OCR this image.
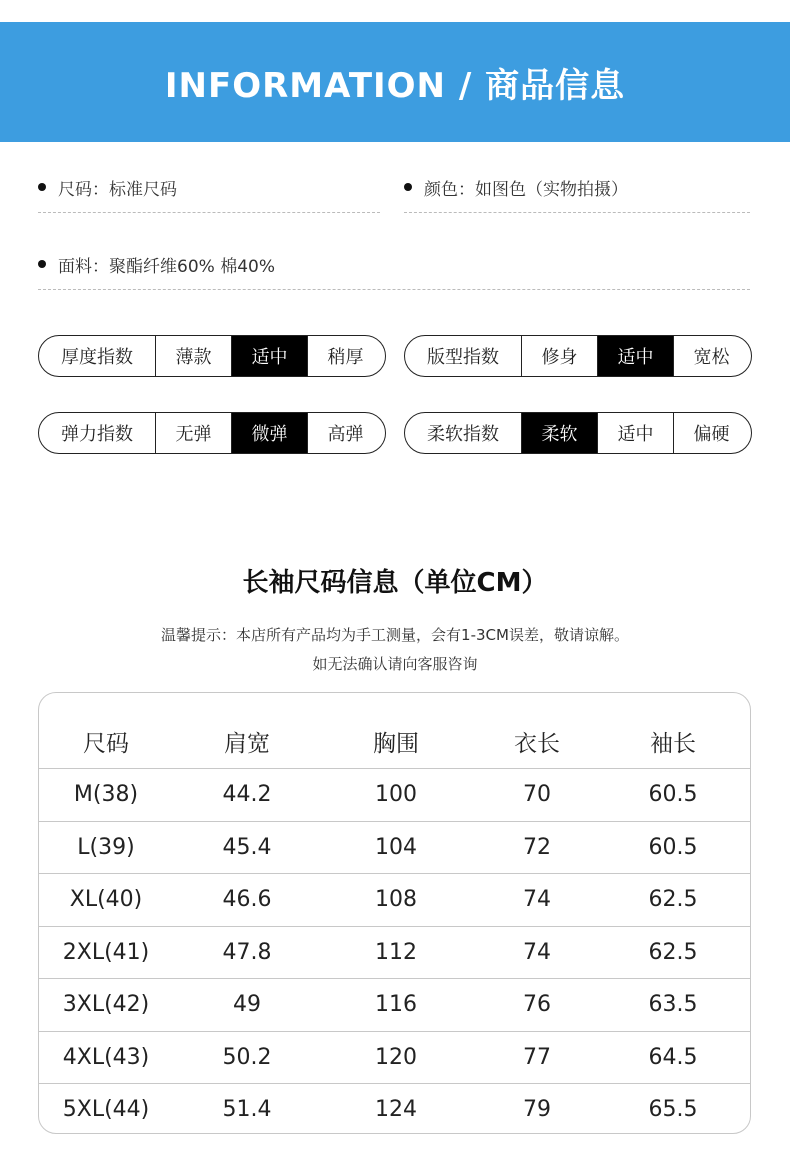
INFORMATION / 商品信息
尺码：标准尺码	颜色：如图色（实物拍摄）
面料：聚酯纤维60% 棉40%
厚度指数	薄款	适中	稍厚	版型指数	修身	适中	宽松
弹力指数	无弹	微弹	高弹	柔软指数	柔软	适中	偏硬
长袖尺码信息（单位CM）
温馨提示：本店所有产品均为手工测量，会有1-3CM误差，敬请谅解。
如无法确认请向客服咨询
尺码	肩宽	胸围	衣长	袖长
M(38)	44.2	100	70	60.5
L(39)	45.4	104	72	60.5
XL(40)	46.6	108	74	62.5
2XL(41)	47.8	112	74	62.5
3XL(42)	49	116	76	63.5
4XL(43)	50.2	120	77	64.5
5XL(44)	51.4	124	79	65.5
